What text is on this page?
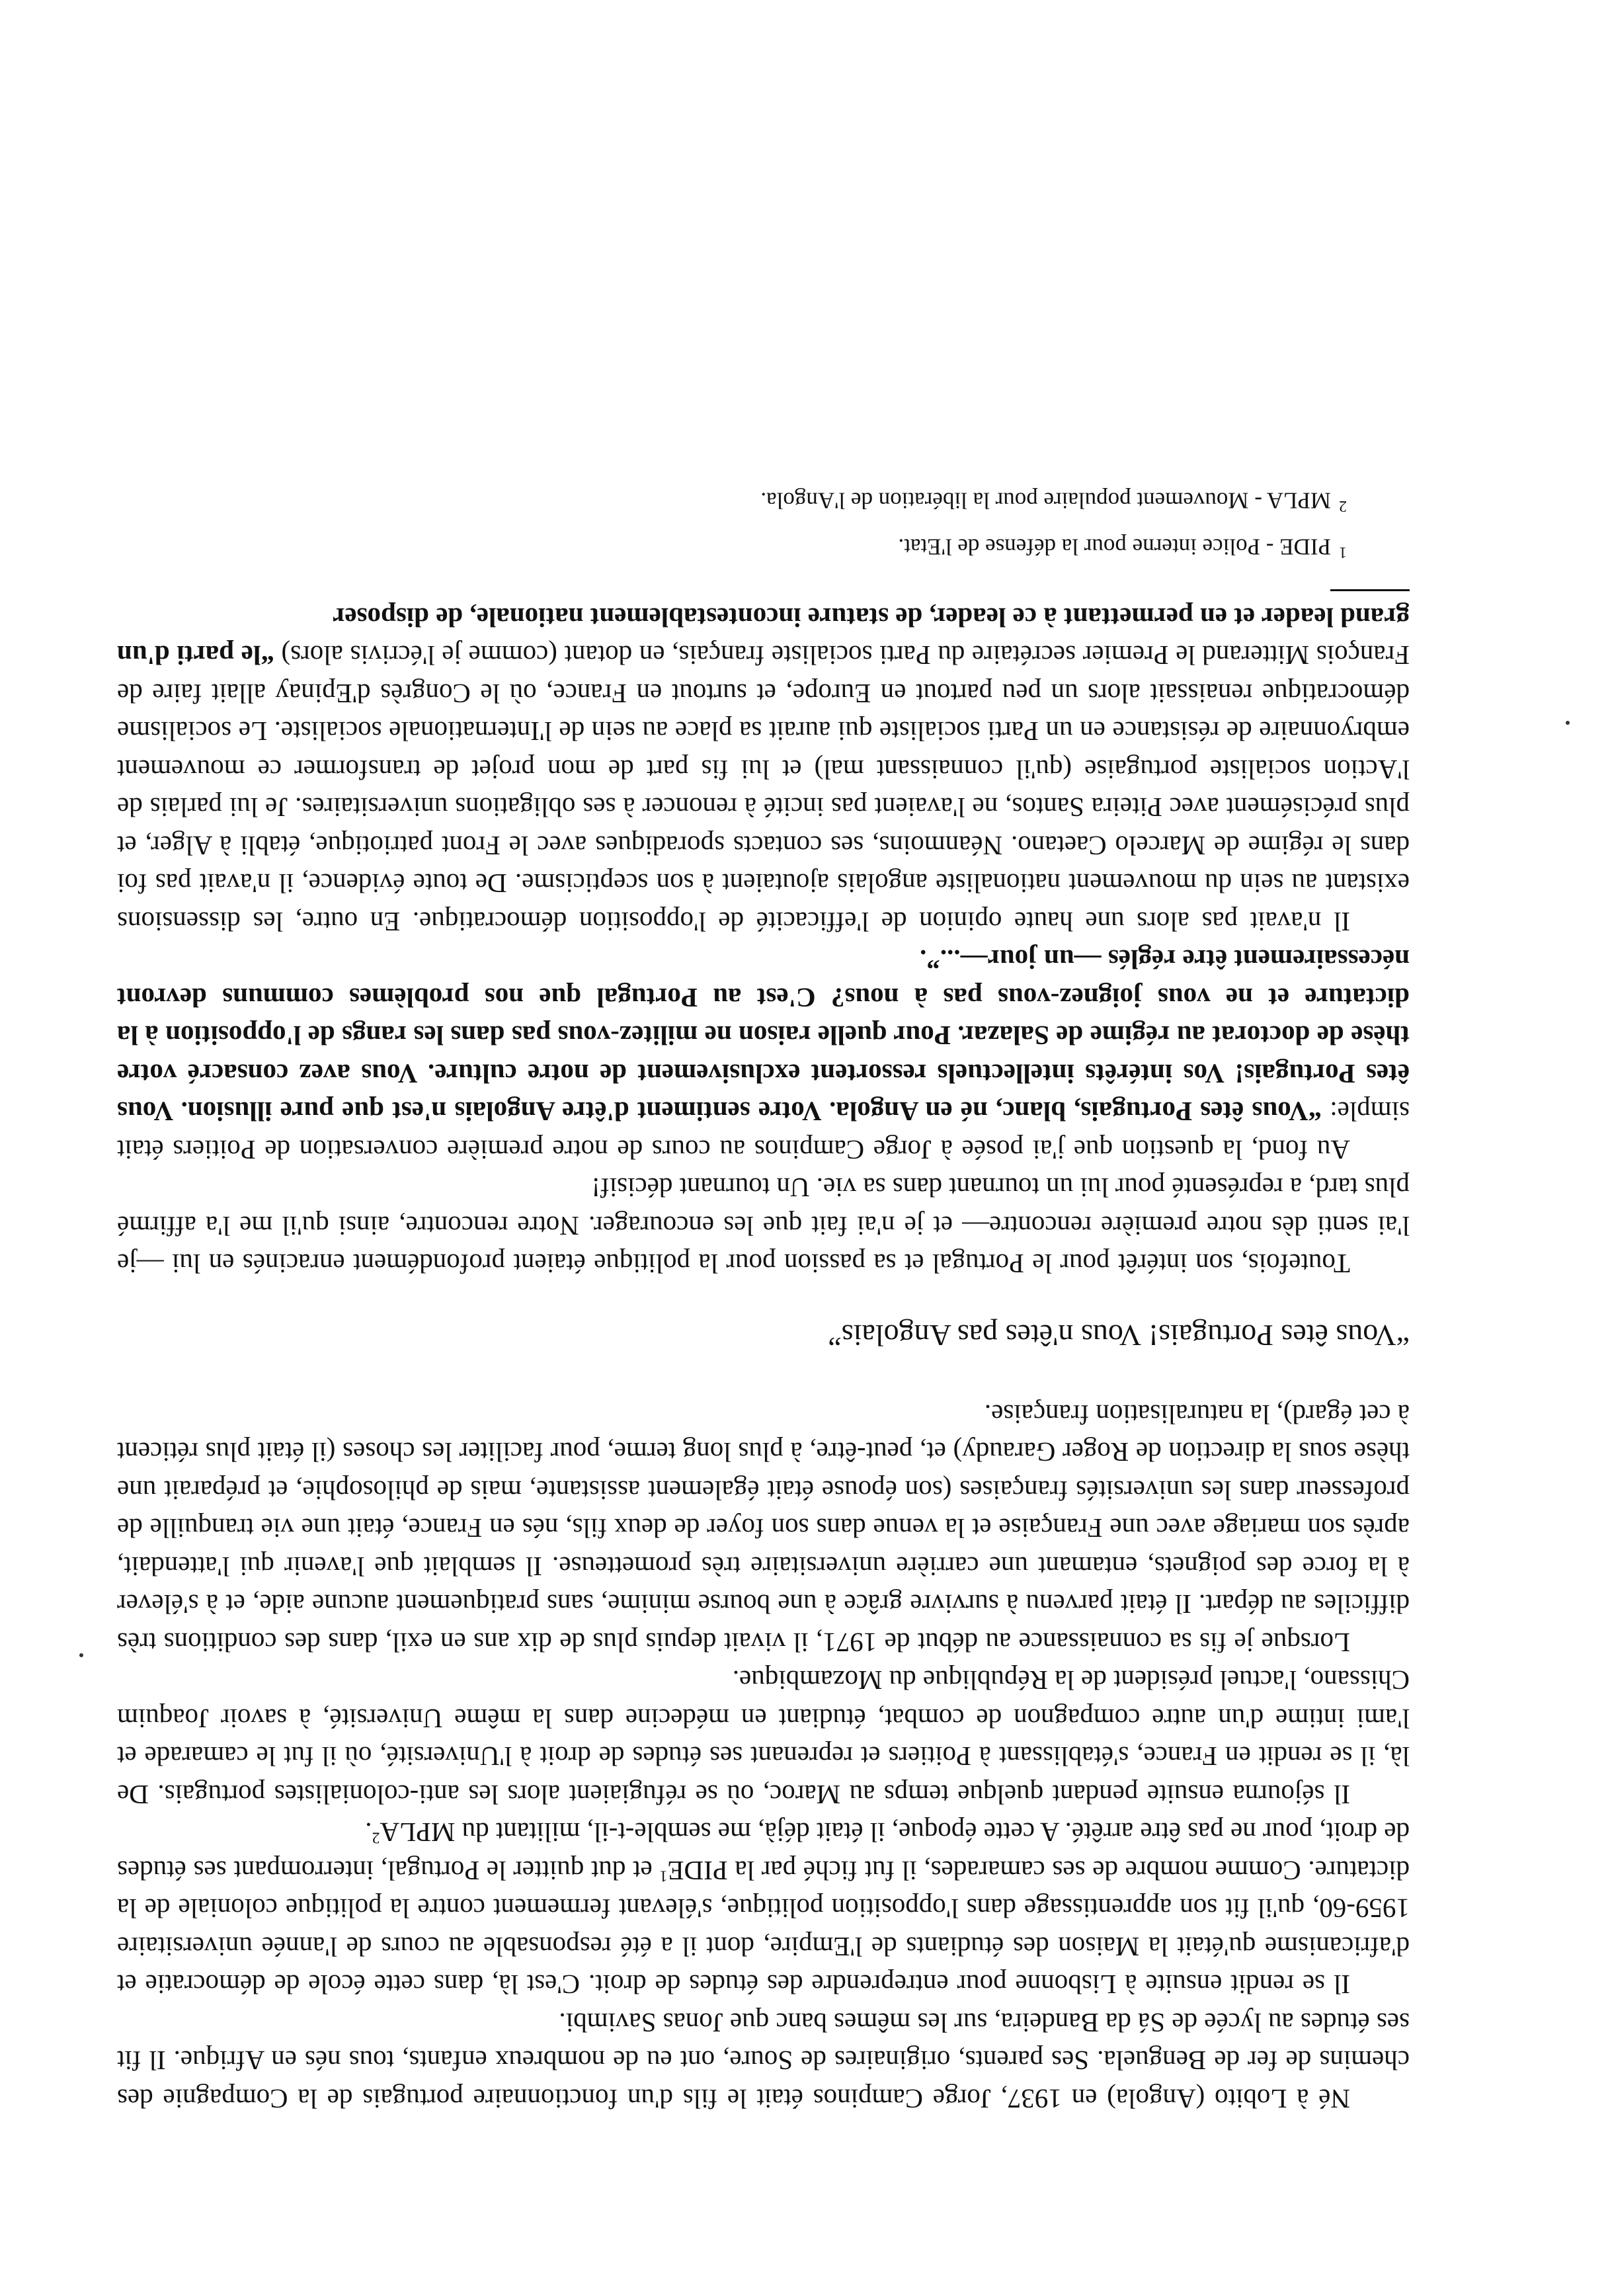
Né à Lobito (Angola) en 1937, Jorge Campinos était le fils d'un fonctionnaire portugais de la Compagnie des chemins de fer de Benguela. Ses parents, originaires de Soure, ont eu de nombreux enfants, tous nés en Afrique. Il fit ses études au lycée de Sá da Bandeira, sur les mêmes banc que Jonas Savimbi.

Il se rendit ensuite à Lisbonne pour entreprendre des études de droit. C'est là, dans cette école de démocratie et d'africanisme qu'était la Maison des étudiants de l'Empire, dont il a été responsable au cours de l'année universitaire 1959-60, qu'il fit son apprentissage dans l'opposition politique, s'élevant fermement contre la politique coloniale de la dictature. Comme nombre de ses camarades, il fut fiché par la PIDE$^1$ et dut quitter le Portugal, interrompant ses études de droit, pour ne pas être arrêté. A cette époque, il était déjà, me semble-t-il, militant du MPLA$^2$.

Il séjourna ensuite pendant quelque temps au Maroc, où se réfugiaient alors les anti-colonialistes portugais. De là, il se rendit en France, s'établissant à Poitiers et reprenant ses études de droit à l'Université, où il fut le camarade et l'ami intime d'un autre compagnon de combat, étudiant en médecine dans la même Université, à savoir Joaquim Chissano, l'actuel président de la République du Mozambique.

Lorsque je fis sa connaissance au début de 1971, il vivait depuis plus de dix ans en exil, dans des conditions très difficiles au départ. Il était parvenu à survivre grâce à une bourse minime, sans pratiquement aucune aide, et à s'élever à la force des poignets, entamant une carrière universitaire très prometteuse. Il semblait que l'avenir qui l'attendait, après son mariage avec une Française et la venue dans son foyer de deux fils, nés en France, était une vie tranquille de professeur dans les universités françaises (son épouse était également assistante, mais de philosophie, et préparait une thèse sous la direction de Roger Garaudy) et, peut-être, à plus long terme, pour faciliter les choses (il était plus réticent à cet égard), la naturalisation française.

“Vous êtes Portugais! Vous n'êtes pas Angolais”

Toutefois, son intérêt pour le Portugal et sa passion pour la politique étaient profondément enracinés en lui —je l'ai senti dès notre première rencontre— et je n'ai fait que les encourager. Notre rencontre, ainsi qu'il me l'a affirmé plus tard, a représenté pour lui un tournant dans sa vie. Un tournant décisif!

Au fond, la question que j'ai posée à Jorge Campinos au cours de notre première conversation de Poitiers était simple: “Vous êtes Portugais, blanc, né en Angola. Votre sentiment d'être Angolais n'est que pure illusion. Vous êtes Portugais! Vos intérêts intellectuels ressortent exclusivement de notre culture. Vous avez consacré votre thèse de doctorat au régime de Salazar. Pour quelle raison ne militez-vous pas dans les rangs de l'opposition à la dictature et ne vous joignez-vous pas à nous? C'est au Portugal que nos problèmes communs devront nécessairement être réglés —un jour—...”.

Il n'avait pas alors une haute opinion de l'efficacité de l'opposition démocratique. En outre, les dissensions existant au sein du mouvement nationaliste angolais ajoutaient à son scepticisme. De toute évidence, il n'avait pas foi dans le régime de Marcelo Caetano. Néanmoins, ses contacts sporadiques avec le Front patriotique, établi à Alger, et plus précisément avec Piteira Santos, ne l'avaient pas incité à renoncer à ses obligations universitaires. Je lui parlais de l'Action socialiste portugaise (qu'il connaissant mal) et lui fis part de mon projet de transformer ce mouvement embryonnaire de résistance en un Parti socialiste qui aurait sa place au sein de l'Internationale socialiste. Le socialisme démocratique renaissait alors un peu partout en Europe, et surtout en France, où le Congrès d'Epinay allait faire de François Mitterand le Premier secrétaire du Parti socialiste français, en dotant (comme je l'écrivis alors) “le parti d'un grand leader et en permettant à ce leader, de stature incontestablement nationale, de disposer

$^1$PIDE - Police interne pour la défense de l'Etat.

$^2$MPLA - Mouvement populaire pour la libération de l'Angola.
